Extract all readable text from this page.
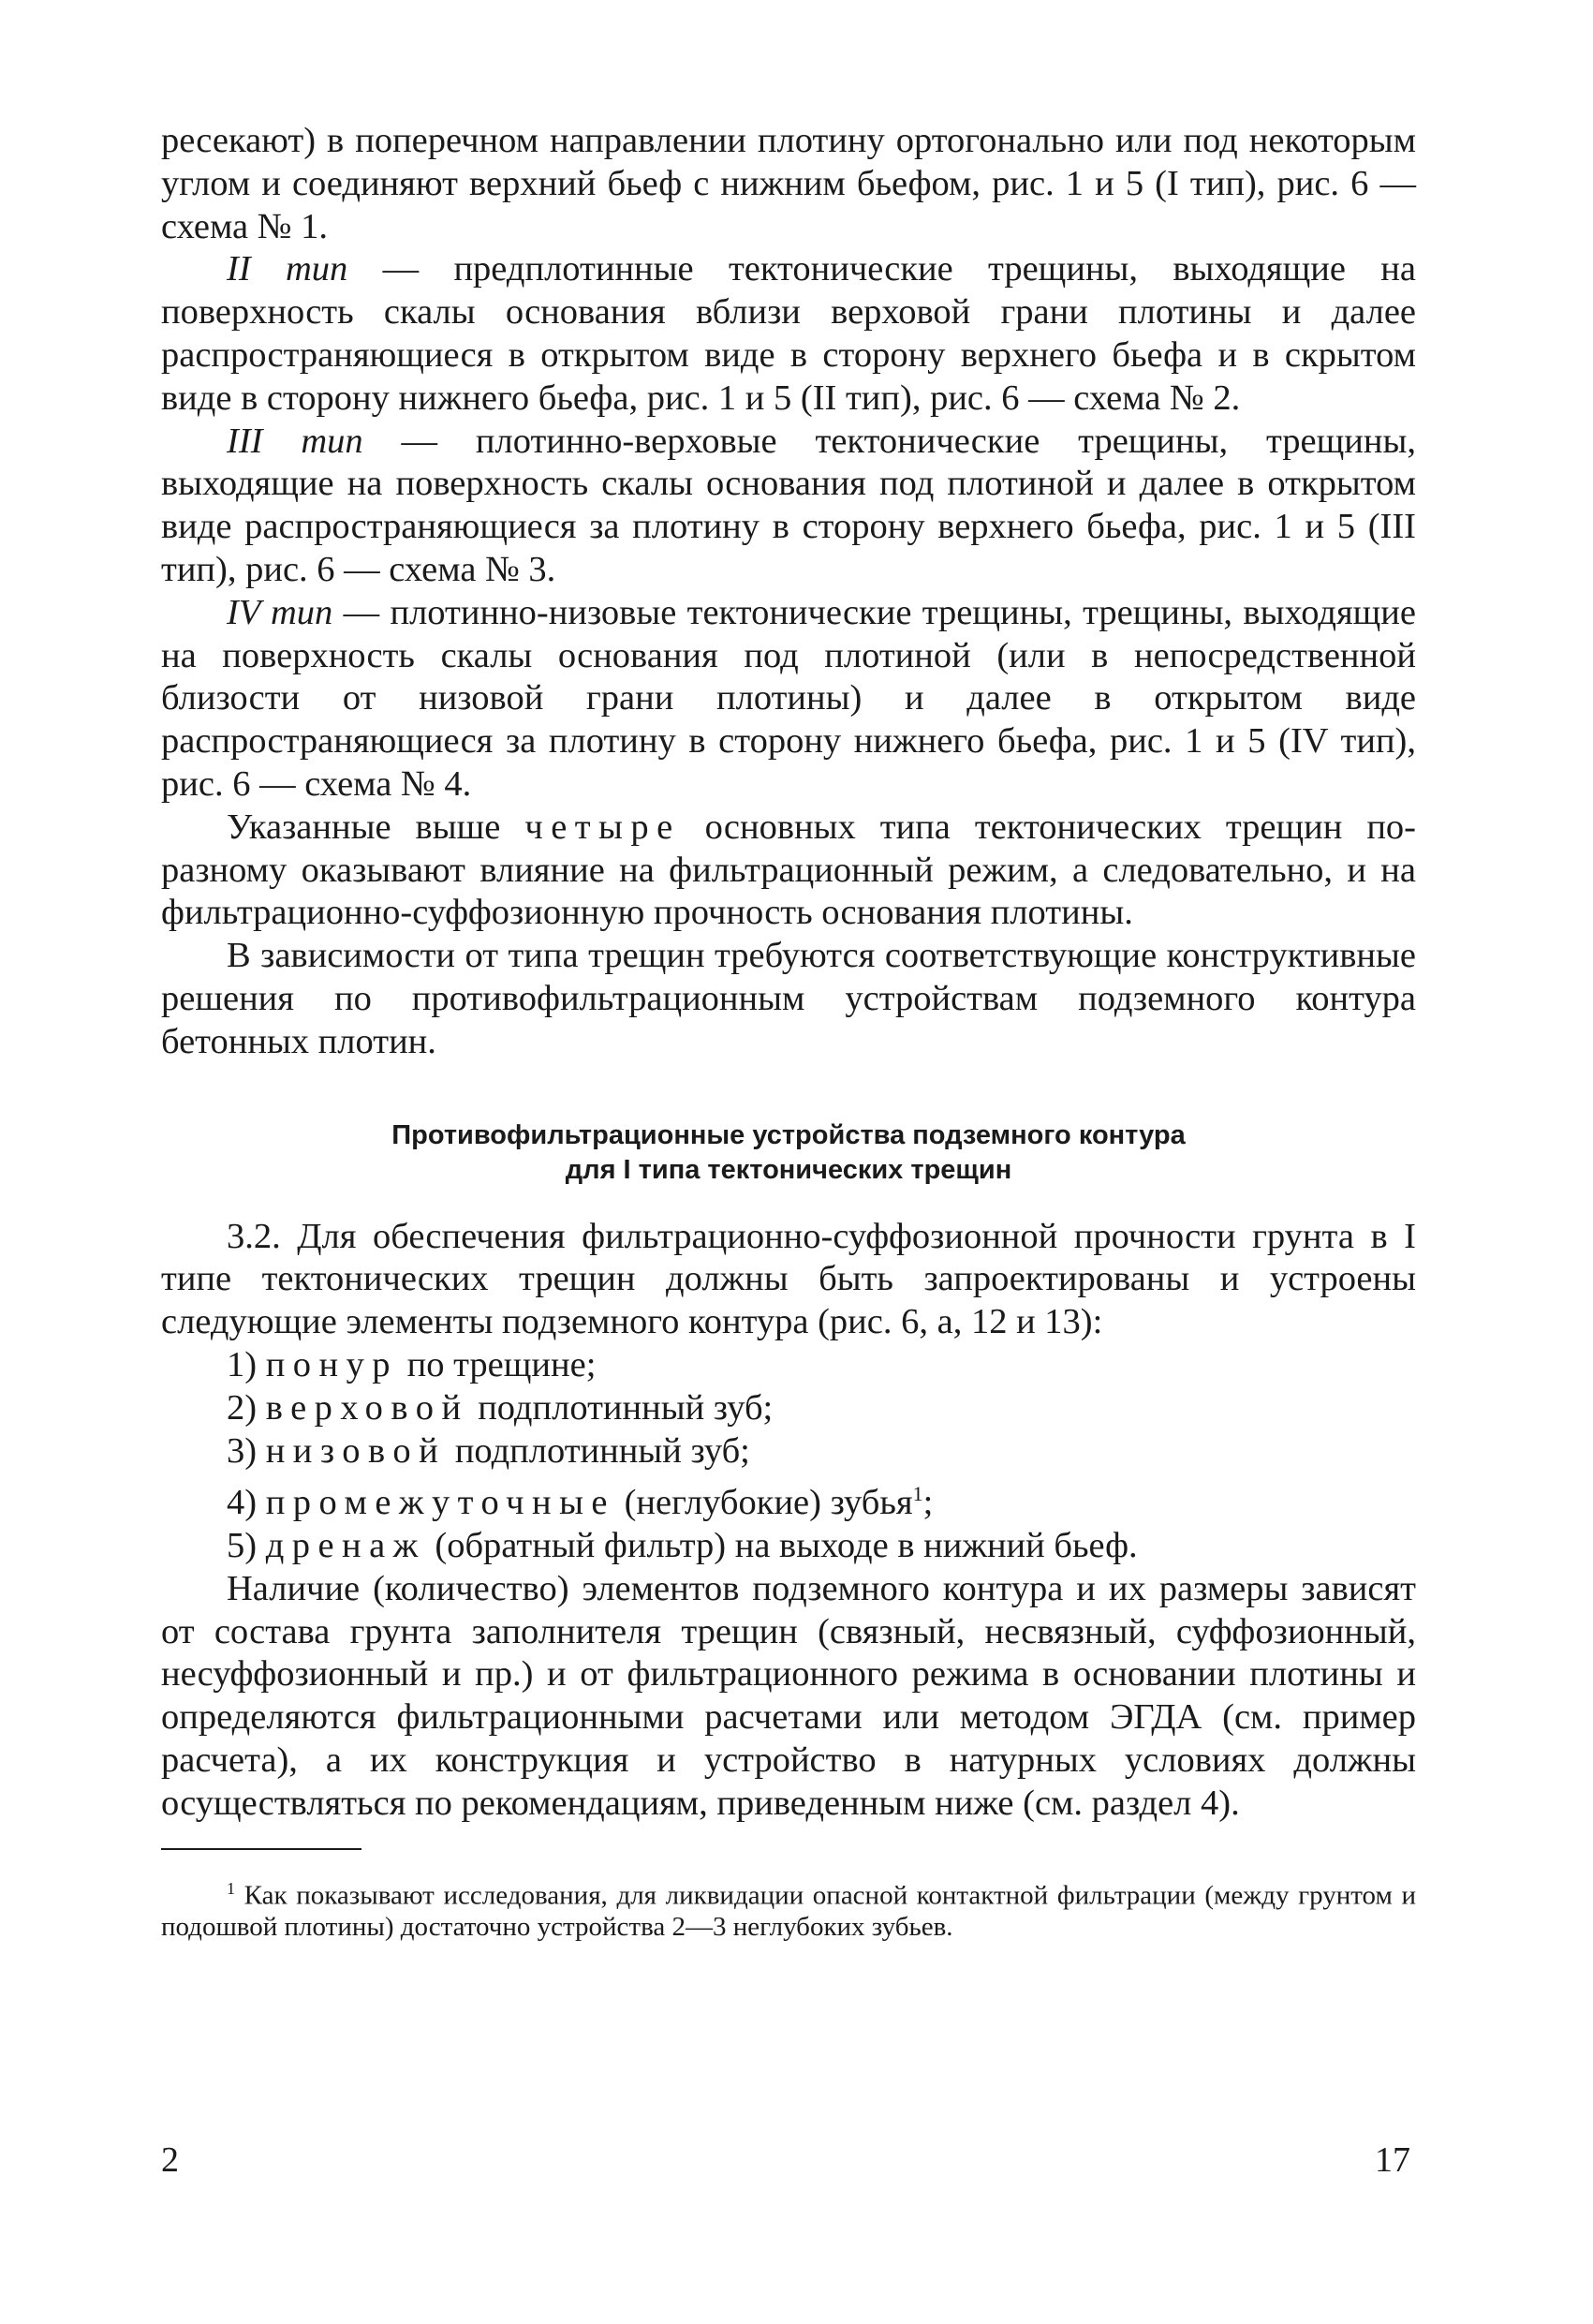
ресекают) в поперечном направлении плотину ортогонально или под некоторым углом и соединяют верхний бьеф с нижним бьефом, рис. 1 и 5 (I тип), рис. 6 — схема № 1.

II тип — предплотинные тектонические трещины, выходящие на поверхность скалы основания вблизи верховой грани плотины и далее распространяющиеся в открытом виде в сторону верхнего бьефа и в скрытом виде в сторону нижнего бьефа, рис. 1 и 5 (II тип), рис. 6 — схема № 2.

III тип — плотинно-верховые тектонические трещины, трещины, выходящие на поверхность скалы основания под плотиной и далее в открытом виде распространяющиеся за плотину в сторону верхнего бьефа, рис. 1 и 5 (III тип), рис. 6 — схема № 3.

IV тип — плотинно-низовые тектонические трещины, трещины, выходящие на поверхность скалы основания под плотиной (или в непосредственной близости от низовой грани плотины) и далее в открытом виде распространяющиеся за плотину в сторону нижнего бьефа, рис. 1 и 5 (IV тип), рис. 6 — схема № 4.

Указанные выше четыре основных типа тектонических трещин по-разному оказывают влияние на фильтрационный режим, а следовательно, и на фильтрационно-суффозионную прочность основания плотины.

В зависимости от типа трещин требуются соответствующие конструктивные решения по противофильтрационным устройствам подземного контура бетонных плотин.

Противофильтрационные устройства подземного контура
для I типа тектонических трещин

3.2. Для обеспечения фильтрационно-суффозионной прочности грунта в I типе тектонических трещин должны быть запроектированы и устроены следующие элементы подземного контура (рис. 6, а, 12 и 13):

1) понур по трещине;
2) верховой подплотинный зуб;
3) низовой подплотинный зуб;
4) промежуточные (неглубокие) зубья$^1$;
5) дренаж (обратный фильтр) на выходе в нижний бьеф.

Наличие (количество) элементов подземного контура и их размеры зависят от состава грунта заполнителя трещин (связный, несвязный, суффозионный, несуффозионный и пр.) и от фильтрационного режима в основании плотины и определяются фильтрационными расчетами или методом ЭГДА (см. пример расчета), а их конструкция и устройство в натурных условиях должны осуществляться по рекомендациям, приведенным ниже (см. раздел 4).

$^1$ Как показывают исследования, для ликвидации опасной контактной фильтрации (между грунтом и подошвой плотины) достаточно устройства 2—3 неглубоких зубьев.

2	17
